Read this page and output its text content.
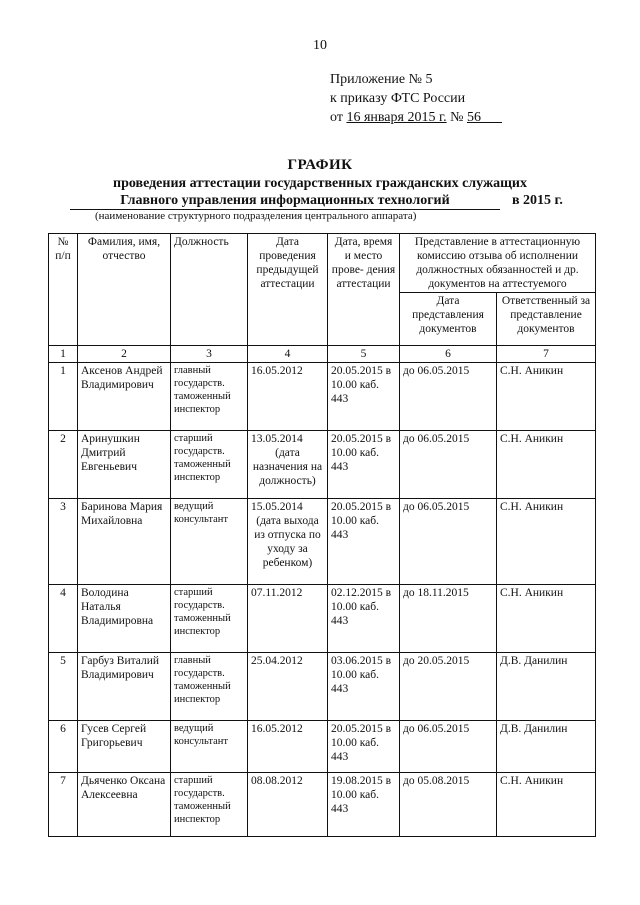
10
Приложение № 5
к приказу ФТС России
от 16 января 2015 г. № 56
ГРАФИК
проведения аттестации государственных гражданских служащих
Главного управления информационных технологий	в 2015 г.
(наименование структурного подразделения центрального аппарата)
№ п/п	Фамилия, имя, отчество	Должность	Дата проведения предыдущей аттестации	Дата, время и место прове- дения аттестации	Представление в аттестационную комиссию отзыва об исполнении должностных обязанностей и др. документов на аттестуемого	
					Дата представления документов	Ответственный за представление документов
1	2	3	4	5	6	7
1	Аксенов Андрей Владимирович	главный государств. таможенный инспектор	16.05.2012	20.05.2015 в 10.00 каб. 443	до 06.05.2015	С.Н. Аникин
2	Аринушкин Дмитрий Евгеньевич	старший государств. таможенный инспектор	13.05.2014
(дата назначения на должность)	20.05.2015 в 10.00 каб. 443	до 06.05.2015	С.Н. Аникин
3	Баринова Мария Михайловна	ведущий консультант	15.05.2014
(дата выхода из отпуска по уходу за ребенком)	20.05.2015 в 10.00 каб. 443	до 06.05.2015	С.Н. Аникин
4	Володина Наталья Владимировна	старший государств. таможенный инспектор	07.11.2012	02.12.2015 в 10.00 каб. 443	до 18.11.2015	С.Н. Аникин
5	Гарбуз Виталий Владимирович	главный государств. таможенный инспектор	25.04.2012	03.06.2015 в 10.00 каб. 443	до 20.05.2015	Д.В. Данилин
6	Гусев Сергей Григорьевич	ведущий консультант	16.05.2012	20.05.2015 в 10.00 каб. 443	до 06.05.2015	Д.В. Данилин
7	Дьяченко Оксана Алексеевна	старший государств. таможенный инспектор	08.08.2012	19.08.2015 в 10.00 каб. 443	до 05.08.2015	С.Н. Аникин
